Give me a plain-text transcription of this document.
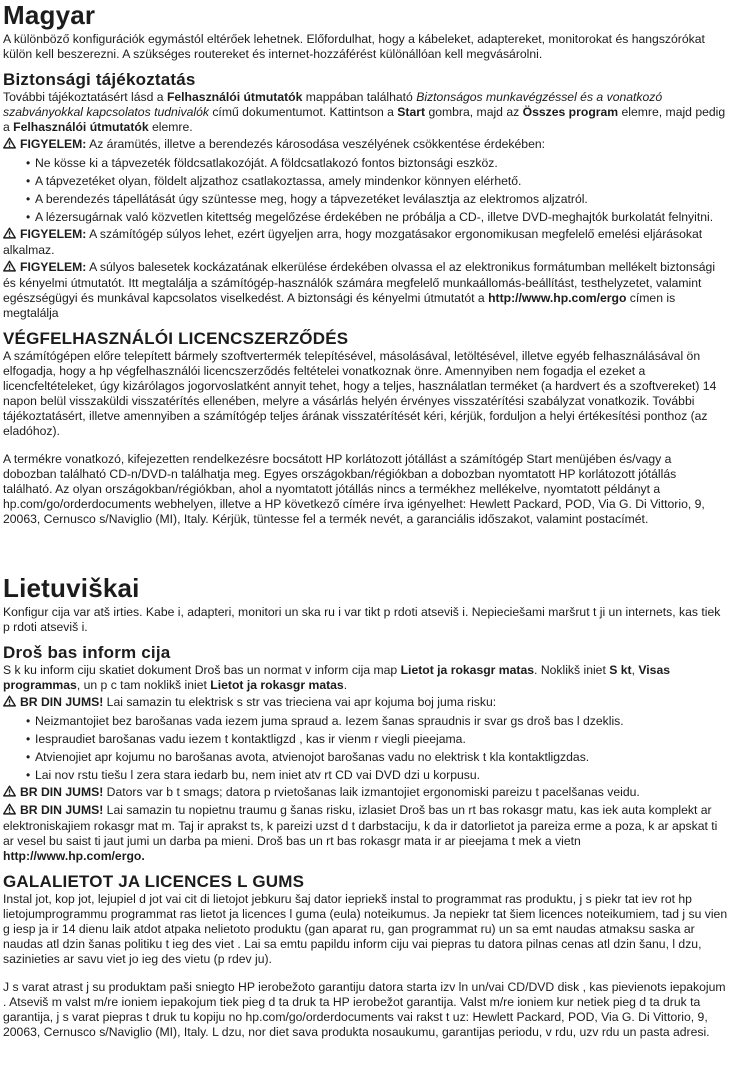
Magyar

A különböző konfigurációk egymástól eltérőek lehetnek. Előfordulhat, hogy a kábeleket, adaptereket, monitorokat és hangszórókat külön kell beszerezni. A szükséges routereket és internet-hozzáférést különállóan kell megvásárolni.

Biztonsági tájékoztatás

További tájékoztatásért lásd a Felhasználói útmutatók mappában található Biztonságos munkavégzéssel és a vonatkozó szabványokkal kapcsolatos tudnivalók című dokumentumot. Kattintson a Start gombra, majd az Összes program elemre, majd pedig a Felhasználói útmutatók elemre.

FIGYELEM: Az áramütés, illetve a berendezés károsodása veszélyének csökkentése érdekében:

• Ne kösse ki a tápvezeték földcsatlakozóját. A földcsatlakozó fontos biztonsági eszköz.
• A tápvezetéket olyan, földelt aljzathoz csatlakoztassa, amely mindenkor könnyen elérhető.
• A berendezés tápellátását úgy szüntesse meg, hogy a tápvezetéket leválasztja az elektromos aljzatról.
• A lézersugárnak való közvetlen kitettség megelőzése érdekében ne próbálja a CD-, illetve DVD-meghajtók burkolatát felnyitni.

FIGYELEM: A számítógép súlyos lehet, ezért ügyeljen arra, hogy mozgatásakor ergonomikusan megfelelő emelési eljárásokat alkalmaz.

FIGYELEM: A súlyos balesetek kockázatának elkerülése érdekében olvassa el az elektronikus formátumban mellékelt biztonsági és kényelmi útmutatót. Itt megtalálja a számítógép-használók számára megfelelő munkaállomás-beállítást, testhelyzetet, valamint egészségügyi és munkával kapcsolatos viselkedést. A biztonsági és kényelmi útmutatót a http://www.hp.com/ergo címen is megtalálja

VÉGFELHASZNÁLÓI LICENCSZERZŐDÉS

A számítógépen előre telepített bármely szoftvertermék telepítésével, másolásával, letöltésével, illetve egyéb felhasználásával ön elfogadja, hogy a hp végfelhasználói licencszerződés feltételei vonatkoznak önre. Amennyiben nem fogadja el ezeket a licencfeltételeket, úgy kizárólagos jogorvoslatként annyit tehet, hogy a teljes, használatlan terméket (a hardvert és a szoftvereket) 14 napon belül visszaküldi visszatérítés ellenében, melyre a vásárlás helyén érvényes visszatérítési szabályzat vonatkozik. További tájékoztatásért, illetve amennyiben a számítógép teljes árának visszatérítését kéri, kérjük, forduljon a helyi értékesítési ponthoz (az eladóhoz).

A termékre vonatkozó, kifejezetten rendelkezésre bocsátott HP korlátozott jótállást a számítógép Start menüjében és/vagy a dobozban található CD-n/DVD-n találhatja meg. Egyes országokban/régiókban a dobozban nyomtatott HP korlátozott jótállás található. Az olyan országokban/régiókban, ahol a nyomtatott jótállás nincs a termékhez mellékelve, nyomtatott példányt a hp.com/go/orderdocuments webhelyen, illetve a HP következő címére írva igényelhet: Hewlett Packard, POD, Via G. Di Vittorio, 9, 20063, Cernusco s/Naviglio (MI), Italy. Kérjük, tüntesse fel a termék nevét, a garanciális időszakot, valamint postacímét.

Lietuviškai

Konfigur cija var atš irties. Kabe i, adapteri, monitori un ska ru i var tikt p rdoti atseviš i. Nepieciešami maršrut t ji un internets, kas tiek p rdoti atseviš i.

Droš bas inform cija

S k ku inform ciju skatiet dokument Droš bas un normat v inform cija map Lietot ja rokasgr matas. Noklikš iniet S kt, Visas programmas, un p c tam noklikš iniet Lietot ja rokasgr matas.

BR DIN JUMS! Lai samazin tu elektrisk s str vas trieciena vai apr kojuma boj juma risku:

• Neizmantojiet bez barošanas vada iezem juma spraud a. Iezem šanas spraudnis ir svar gs droš bas l dzeklis.
• Iespraudiet barošanas vadu iezem t kontaktligzd , kas ir vienm r viegli pieejama.
• Atvienojiet apr kojumu no barošanas avota, atvienojot barošanas vadu no elektrisk t kla kontaktligzdas.
• Lai nov rstu tiešu l zera stara iedarb bu, nem iniet atv rt CD vai DVD dzi u korpusu.

BR DIN JUMS! Dators var b t smags; datora p rvietošanas laik izmantojiet ergonomiski pareizu t pacelšanas veidu.

BR DIN JUMS! Lai samazin tu nopietnu traumu g šanas risku, izlasiet Droš bas un rt bas rokasgr matu, kas iek auta komplekt ar elektroniskajiem rokasgr mat m. Taj ir aprakst ts, k pareizi uzst d t darbstaciju, k da ir datorlietot ja pareiza erme a poza, k ar apskat ti ar vesel bu saist ti jaut jumi un darba pa mieni. Droš bas un rt bas rokasgr mata ir ar pieejama t mek a vietn
http://www.hp.com/ergo.

GALALIETOT JA LICENCES L GUMS

Instal jot, kop jot, lejupiel d jot vai cit di lietojot jebkuru šaj dator iepriekš instal to programmat ras produktu, j s piekr tat iev rot hp lietojumprogrammu programmat ras lietot ja licences l guma (eula) noteikumus. Ja nepiekr tat šiem licences noteikumiem, tad j su vien g iesp ja ir 14 dienu laik atdot atpaka nelietoto produktu (gan aparat ru, gan programmat ru) un sa emt naudas atmaksu saska ar naudas atl dzin šanas politiku t ieg des viet . Lai sa emtu papildu inform ciju vai piepras tu datora pilnas cenas atl dzin šanu, l dzu, sazinieties ar savu viet jo ieg des vietu (p rdev ju).

J s varat atrast j su produktam paši sniegto HP ierobežoto garantiju datora starta izv ln un/vai CD/DVD disk , kas pievienots iepakojum . Atseviš m valst m/re ioniem iepakojum tiek pieg d ta druk ta HP ierobežot garantija. Valst m/re ioniem kur netiek pieg d ta druk ta garantija, j s varat piepras t druk tu kopiju no hp.com/go/orderdocuments vai rakst t uz: Hewlett Packard, POD, Via G. Di Vittorio, 9, 20063, Cernusco s/Naviglio (MI), Italy. L dzu, nor diet sava produkta nosaukumu, garantijas periodu, v rdu, uzv rdu un pasta adresi.
